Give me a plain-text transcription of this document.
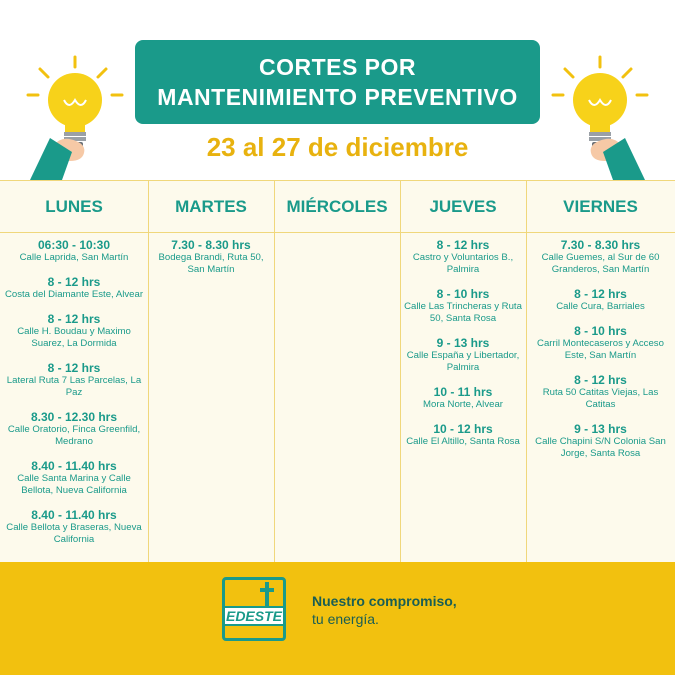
CORTES POR
MANTENIMIENTO PREVENTIVO
23 al 27 de diciembre
LUNES
06:30 - 10:30
Calle Laprida, San Martín
8 - 12 hrs
Costa del Diamante Este, Alvear
8 - 12 hrs
Calle H. Boudau y Maximo Suarez, La Dormida
8 - 12 hrs
Lateral Ruta 7 Las Parcelas, La Paz
8.30 - 12.30 hrs
Calle Oratorio, Finca Greenfild, Medrano
8.40 - 11.40 hrs
Calle Santa Marina y Calle Bellota, Nueva California
8.40 - 11.40 hrs
Calle Bellota y Braseras, Nueva California
MARTES
7.30 - 8.30 hrs
Bodega Brandi, Ruta 50, San Martín
MIÉRCOLES	JUEVES
8 - 12 hrs
Castro y Voluntarios B., Palmira
8 - 10 hrs
Calle Las Trincheras y Ruta 50, Santa Rosa
9 - 13 hrs
Calle España y Libertador, Palmira
10 - 11 hrs
Mora Norte, Alvear
10 - 12 hrs
Calle El Altillo, Santa Rosa
VIERNES
7.30 - 8.30 hrs
Calle Guemes, al Sur de 60 Granderos, San Martín
8 - 12 hrs
Calle Cura, Barriales
8 - 10 hrs
Carril Montecaseros y Acceso Este, San Martín
8 - 12 hrs
Ruta 50 Catitas Viejas, Las Catitas
9 - 13 hrs
Calle Chapini S/N Colonia San Jorge, Santa Rosa
EDESTE
Nuestro compromiso,
tu energía.
